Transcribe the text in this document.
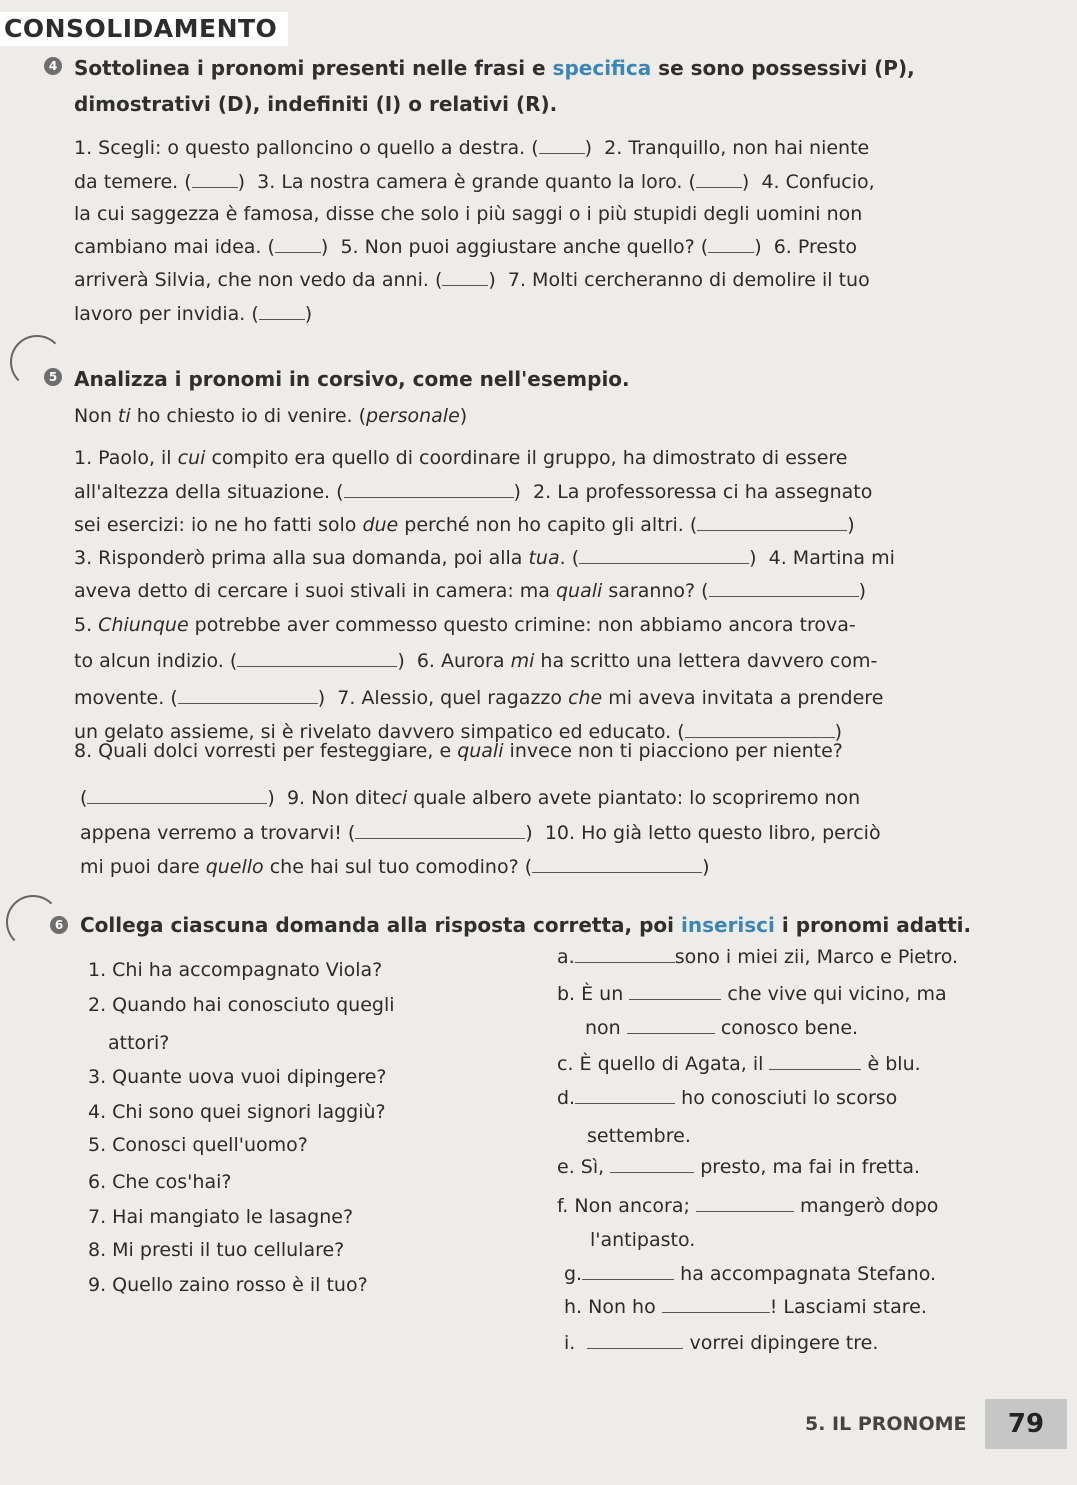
CONSOLIDAMENTO
4 Sottolinea i pronomi presenti nelle frasi e specifica se sono possessivi (P),
dimostrativi (D), indefiniti (I) o relativi (R).
1. Scegli: o questo palloncino o quello a destra. ( ) 2. Tranquillo, non hai niente
da temere. ( ) 3. La nostra camera è grande quanto la loro. ( ) 4. Confucio,
la cui saggezza è famosa, disse che solo i più saggi o i più stupidi degli uomini non
cambiano mai idea. ( ) 5. Non puoi aggiustare anche quello? ( ) 6. Presto
arriverà Silvia, che non vedo da anni. ( ) 7. Molti cercheranno di demolire il tuo
lavoro per invidia. ( )
5 Analizza i pronomi in corsivo, come nell'esempio.
Non ti ho chiesto io di venire. (personale)
1. Paolo, il cui compito era quello di coordinare il gruppo, ha dimostrato di essere
all'altezza della situazione. (	) 2. La professoressa ci ha assegnato
sei esercizi: io ne ho fatti solo due perché non ho capito gli altri. (	)
3. Risponderò prima alla sua domanda, poi alla tua. (	) 4. Martina mi
aveva detto di cercare i suoi stivali in camera: ma quali saranno? (	)
5. Chiunque potrebbe aver commesso questo crimine: non abbiamo ancora trova-
to alcun indizio. (	) 6. Aurora mi ha scritto una lettera davvero com-
movente. (	) 7. Alessio, quel ragazzo che mi aveva invitata a prendere
un gelato assieme, si è rivelato davvero simpatico ed educato. (	)
8. Quali dolci vorresti per festeggiare, e quali invece non ti piacciono per niente?
(	) 9. Non diteci quale albero avete piantato: lo scopriremo non
appena verremo a trovarvi! (	) 10. Ho già letto questo libro, perciò
mi puoi dare quello che hai sul tuo comodino? (	)
6 Collega ciascuna domanda alla risposta corretta, poi inserisci i pronomi adatti.
1. Chi ha accompagnato Viola?
2. Quando hai conosciuto quegli
attori?
3. Quante uova vuoi dipingere?
4. Chi sono quei signori laggiù?
5. Conosci quell'uomo?
6. Che cos'hai?
7. Hai mangiato le lasagne?
8. Mi presti il tuo cellulare?
9. Quello zaino rosso è il tuo?
a.	sono i miei zii, Marco e Pietro.
b. È un	che vive qui vicino, ma
non	conosco bene.
c. È quello di Agata, il	è blu.
d.	ho conosciuti lo scorso
settembre.
e. Sì,	presto, ma fai in fretta.
f. Non ancora;	mangerò dopo
l'antipasto.
g.	ha accompagnata Stefano.
h. Non ho	! Lasciami stare.
i.	vorrei dipingere tre.
5. IL PRONOME	79
